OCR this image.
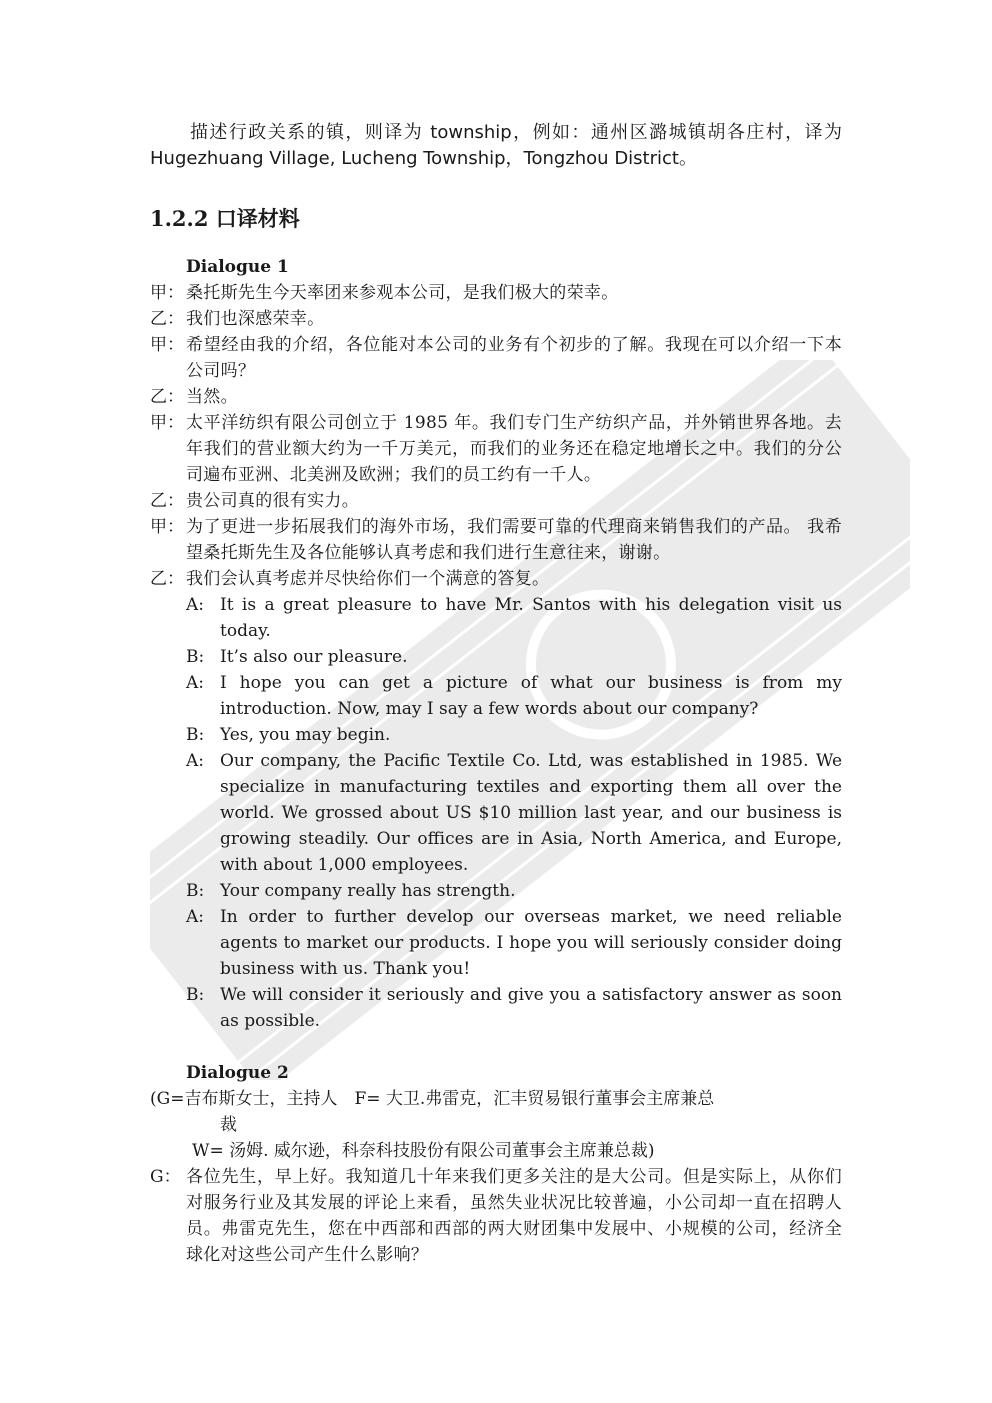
描述行政关系的镇，则译为 township，例如：通州区潞城镇胡各庄村，译为 Hugezhuang Village, Lucheng Township，Tongzhou District。

1.2.2 口译材料

Dialogue 1

甲： 桑托斯先生今天率团来参观本公司，是我们极大的荣幸。
乙： 我们也深感荣幸。
甲： 希望经由我的介绍，各位能对本公司的业务有个初步的了解。我现在可以介绍一下本公司吗？
乙： 当然。
甲： 太平洋纺织有限公司创立于 1985 年。我们专门生产纺织产品，并外销世界各地。去年我们的营业额大约为一千万美元，而我们的业务还在稳定地增长之中。我们的分公司遍布亚洲、北美洲及欧洲；我们的员工约有一千人。
乙： 贵公司真的很有实力。
甲： 为了更进一步拓展我们的海外市场，我们需要可靠的代理商来销售我们的产品。 我希望桑托斯先生及各位能够认真考虑和我们进行生意往来，谢谢。
乙： 我们会认真考虑并尽快给你们一个满意的答复。
A: It is a great pleasure to have Mr. Santos with his delegation visit us today.
B: It’s also our pleasure.
A: I hope you can get a picture of what our business is from my introduction. Now, may I say a few words about our company?
B: Yes, you may begin.
A: Our company, the Pacific Textile Co. Ltd, was established in 1985. We specialize in manufacturing textiles and exporting them all over the world. We grossed about US $10 million last year, and our business is growing steadily. Our offices are in Asia, North America, and Europe, with about 1,000 employees.
B: Your company really has strength.
A: In order to further develop our overseas market, we need reliable agents to market our products. I hope you will seriously consider doing business with us. Thank you!
B: We will consider it seriously and give you a satisfactory answer as soon as possible.

Dialogue 2

(G=吉布斯女士，主持人　F= 大卫.弗雷克，汇丰贸易银行董事会主席兼总
裁
W= 汤姆. 威尔逊，科奈科技股份有限公司董事会主席兼总裁)
G： 各位先生，早上好。我知道几十年来我们更多关注的是大公司。但是实际上，从你们对服务行业及其发展的评论上来看，虽然失业状况比较普遍，小公司却一直在招聘人员。弗雷克先生，您在中西部和西部的两大财团集中发展中、小规模的公司，经济全球化对这些公司产生什么影响？
